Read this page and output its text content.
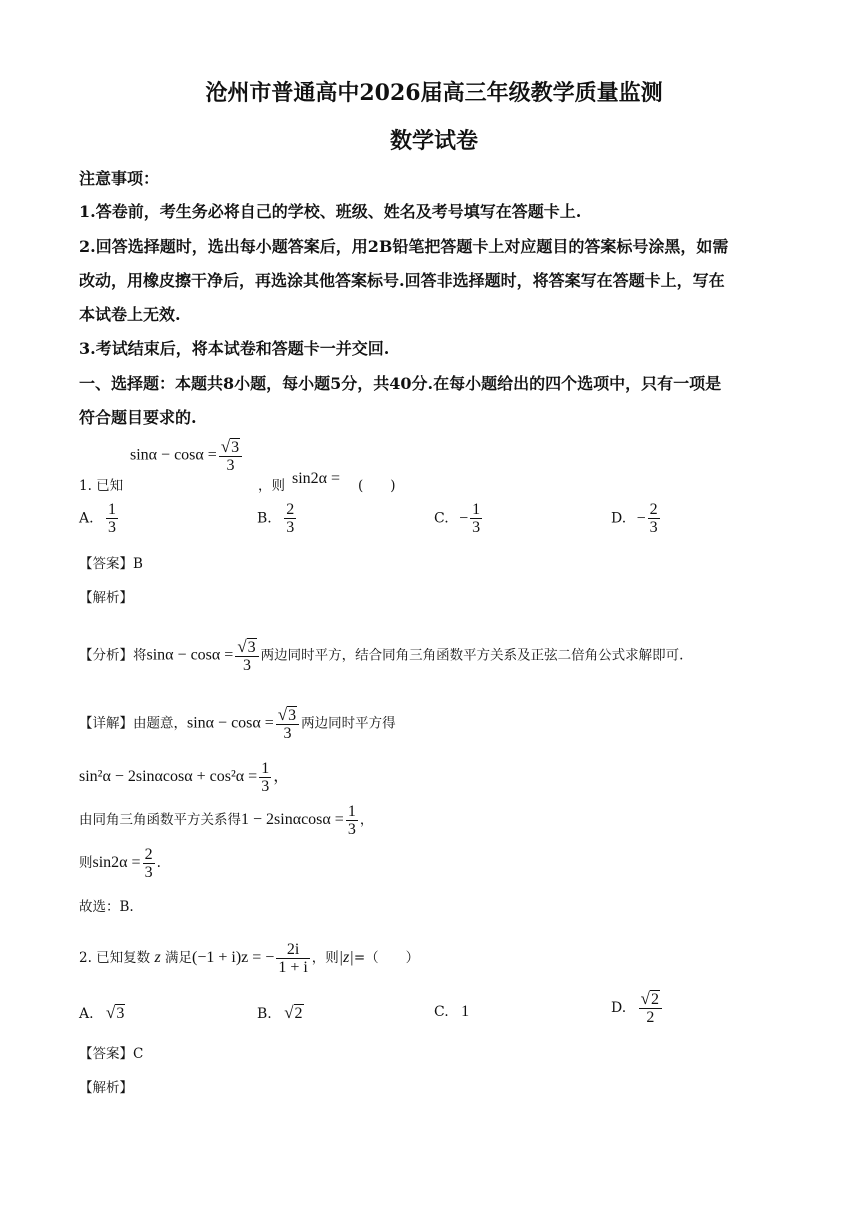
沧州市普通高中2026届高三年级教学质量监测
数学试卷
注意事项：
1.答卷前，考生务必将自己的学校、班级、姓名及考号填写在答题卡上.
2.回答选择题时，选出每小题答案后，用2B铅笔把答题卡上对应题目的答案标号涂黑，如需
改动，用橡皮擦干净后，再选涂其他答案标号.回答非选择题时，将答案写在答题卡上，写在
本试卷上无效.
3.考试结束后，将本试卷和答题卡一并交回.
一、选择题：本题共8小题，每小题5分，共40分.在每小题给出的四个选项中，只有一项是
符合题目要求的.
1. 已知
$\sin\alpha - \cos\alpha = \frac{√3}{3}$
，则 sin2α = (　　)
A. $\frac{1}{3}$	B. $\frac{2}{3}$	C. − $\frac{1}{3}$	D. − $\frac{2}{3}$
【答案】B
【解析】
【分析】将$\sin\alpha - \cos\alpha = \frac{√3}{3}$ 两边同时平方，结合同角三角函数平方关系及正弦二倍角公式求解即可.
【详解】由题意，$\sin\alpha - \cos\alpha = \frac{√3}{3}$ 两边同时平方得
$\sin^2\alpha - 2\sin\alpha\cos\alpha + \cos^2\alpha = \frac{1}{3}$ ，
由同角三角函数平方关系得$1 - 2\sin\alpha\cos\alpha = \frac{1}{3}$ ，
则$\sin 2\alpha = \frac{2}{3}$ .
故选：B.
2. 已知复数 z 满足(−1 + i)z = − $\frac{2i}{1 + i}$ ，则|z|=（　　）
A. √3	B. √2	C. 1	D. $\frac{√2}{2}$
【答案】C
【解析】
